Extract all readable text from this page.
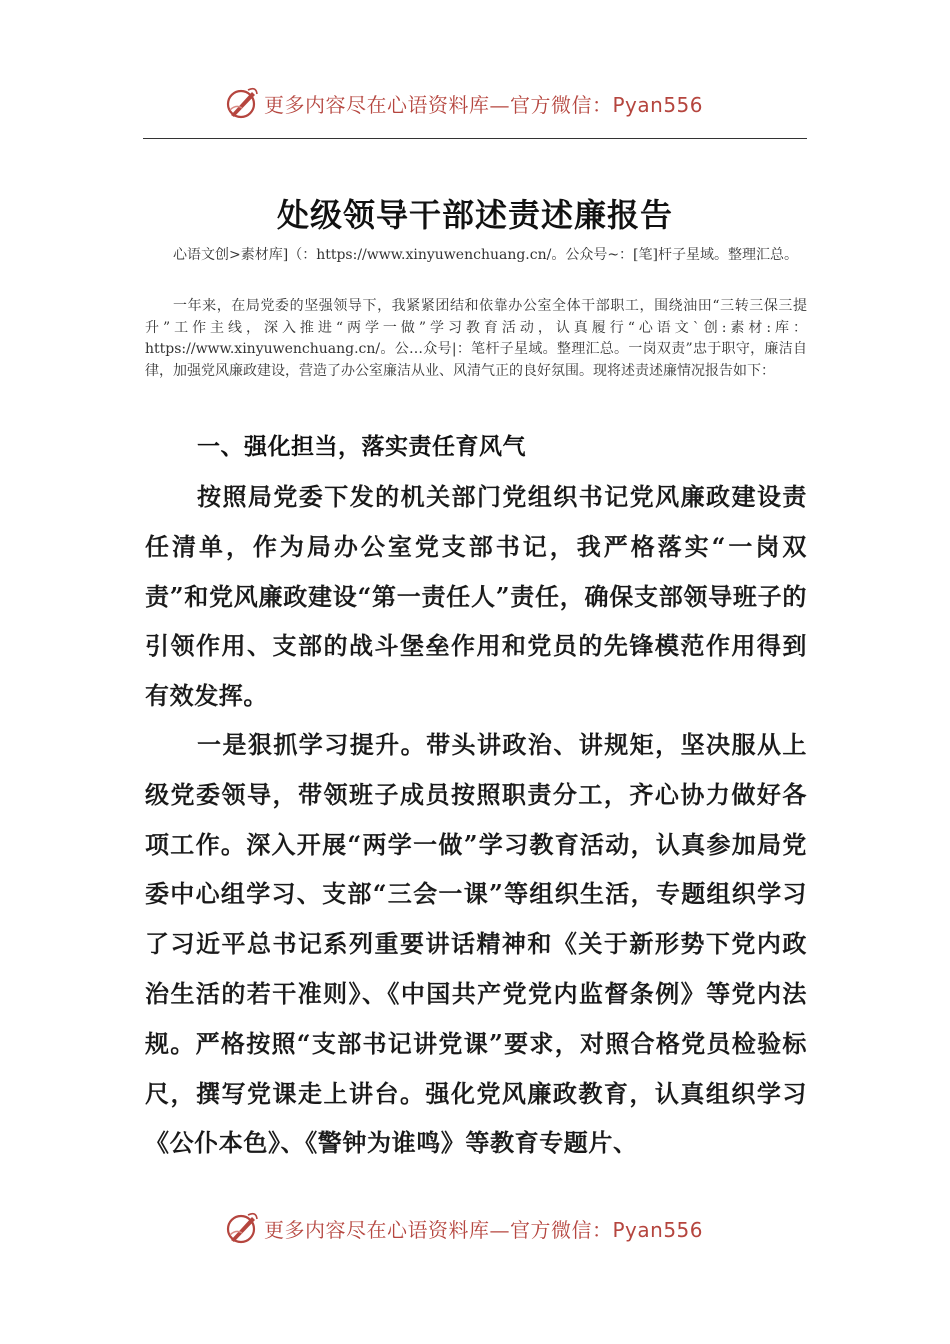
更多内容尽在心语资料库—官方微信：Pyan556
处级领导干部述责述廉报告

心语文创>素材库]（：https://www.xinyuwenchuang.cn/。公众号~：[笔]杆子星域。整理汇总。

一年来，在局党委的坚强领导下，我紧紧团结和依靠办公室全体干部职工，围绕油田“三转三保三提升”工作主线，深入推进“两学一做”学习教育活动，认真履行“心语文`创:素材:库：https://www.xinyuwenchuang.cn/。公…众号|：笔杆子星域。整理汇总。一岗双责”忠于职守，廉洁自律，加强党风廉政建设，营造了办公室廉洁从业、风清气正的良好氛围。现将述责述廉情况报告如下：

一、强化担当，落实责任育风气

按照局党委下发的机关部门党组织书记党风廉政建设责任清单，作为局办公室党支部书记，我严格落实“一岗双责”和党风廉政建设“第一责任人”责任，确保支部领导班子的引领作用、支部的战斗堡垒作用和党员的先锋模范作用得到有效发挥。

一是狠抓学习提升。带头讲政治、讲规矩，坚决服从上级党委领导，带领班子成员按照职责分工，齐心协力做好各项工作。深入开展“两学一做”学习教育活动，认真参加局党委中心组学习、支部“三会一课”等组织生活，专题组织学习了习近平总书记系列重要讲话精神和《关于新形势下党内政治生活的若干准则》、《中国共产党党内监督条例》等党内法规。严格按照“支部书记讲党课”要求，对照合格党员检验标尺，撰写党课走上讲台。强化党风廉政教育，认真组织学习《公仆本色》、《警钟为谁鸣》等教育专题片、

更多内容尽在心语资料库—官方微信：Pyan556
